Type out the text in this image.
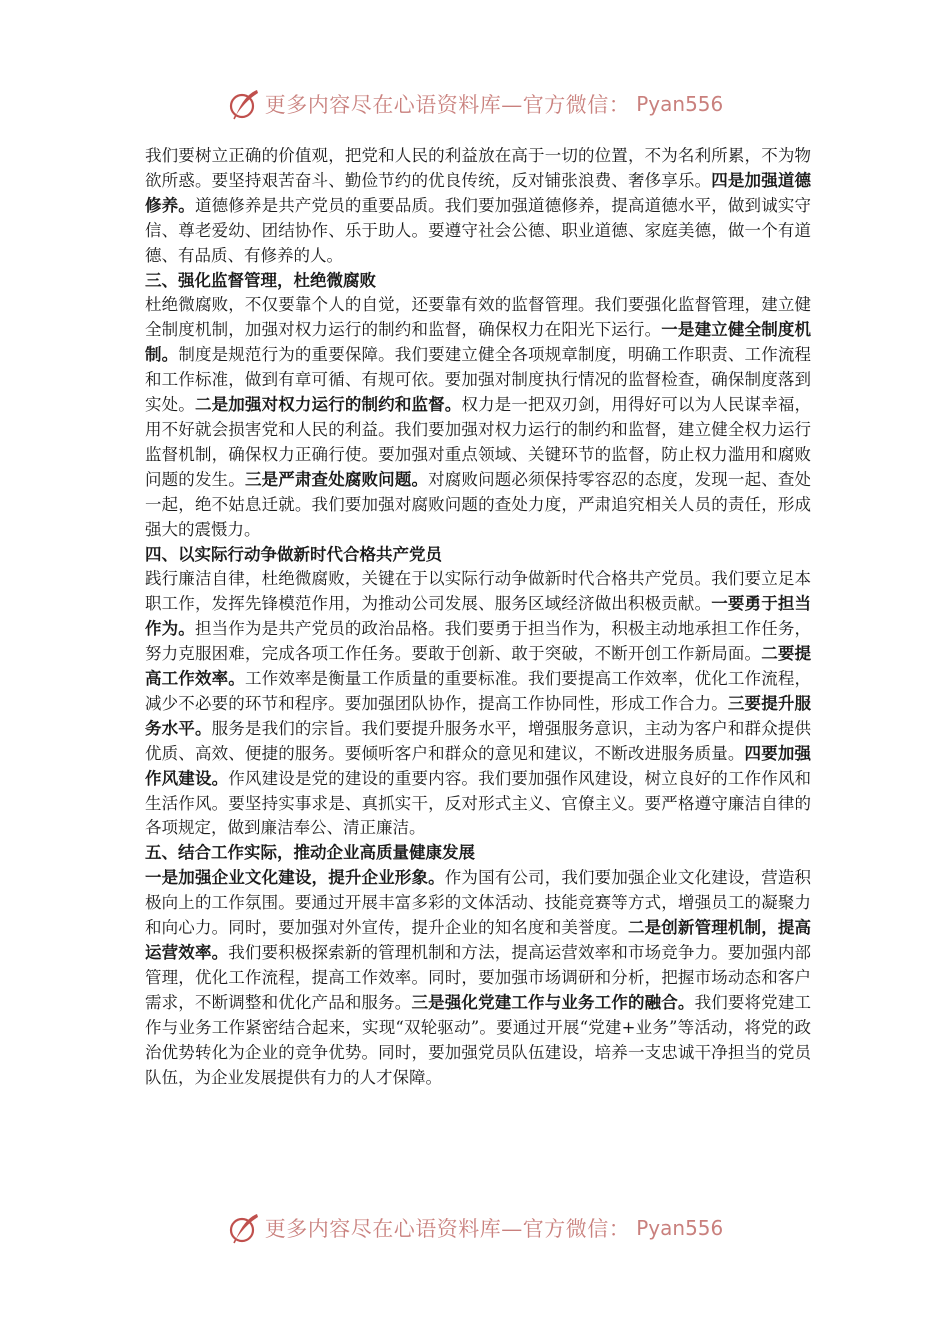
更多内容尽在心语资料库—官方微信： Pyan556

我们要树立正确的价值观，把党和人民的利益放在高于一切的位置，不为名利所累，不为物欲所惑。要坚持艰苦奋斗、勤俭节约的优良传统，反对铺张浪费、奢侈享乐。四是加强道德修养。道德修养是共产党员的重要品质。我们要加强道德修养，提高道德水平，做到诚实守信、尊老爱幼、团结协作、乐于助人。要遵守社会公德、职业道德、家庭美德，做一个有道德、有品质、有修养的人。

三、强化监督管理，杜绝微腐败

杜绝微腐败，不仅要靠个人的自觉，还要靠有效的监督管理。我们要强化监督管理，建立健全制度机制，加强对权力运行的制约和监督，确保权力在阳光下运行。一是建立健全制度机制。制度是规范行为的重要保障。我们要建立健全各项规章制度，明确工作职责、工作流程和工作标准，做到有章可循、有规可依。要加强对制度执行情况的监督检查，确保制度落到实处。二是加强对权力运行的制约和监督。权力是一把双刃剑，用得好可以为人民谋幸福，用不好就会损害党和人民的利益。我们要加强对权力运行的制约和监督，建立健全权力运行监督机制，确保权力正确行使。要加强对重点领域、关键环节的监督，防止权力滥用和腐败问题的发生。三是严肃查处腐败问题。对腐败问题必须保持零容忍的态度，发现一起、查处一起，绝不姑息迁就。我们要加强对腐败问题的查处力度，严肃追究相关人员的责任，形成强大的震慑力。

四、以实际行动争做新时代合格共产党员

践行廉洁自律，杜绝微腐败，关键在于以实际行动争做新时代合格共产党员。我们要立足本职工作，发挥先锋模范作用，为推动公司发展、服务区域经济做出积极贡献。一要勇于担当作为。担当作为是共产党员的政治品格。我们要勇于担当作为，积极主动地承担工作任务，努力克服困难，完成各项工作任务。要敢于创新、敢于突破，不断开创工作新局面。二要提高工作效率。工作效率是衡量工作质量的重要标准。我们要提高工作效率，优化工作流程，减少不必要的环节和程序。要加强团队协作，提高工作协同性，形成工作合力。三要提升服务水平。服务是我们的宗旨。我们要提升服务水平，增强服务意识，主动为客户和群众提供优质、高效、便捷的服务。要倾听客户和群众的意见和建议，不断改进服务质量。四要加强作风建设。作风建设是党的建设的重要内容。我们要加强作风建设，树立良好的工作作风和生活作风。要坚持实事求是、真抓实干，反对形式主义、官僚主义。要严格遵守廉洁自律的各项规定，做到廉洁奉公、清正廉洁。

五、结合工作实际，推动企业高质量健康发展

一是加强企业文化建设，提升企业形象。作为国有公司，我们要加强企业文化建设，营造积极向上的工作氛围。要通过开展丰富多彩的文体活动、技能竞赛等方式，增强员工的凝聚力和向心力。同时，要加强对外宣传，提升企业的知名度和美誉度。二是创新管理机制，提高运营效率。我们要积极探索新的管理机制和方法，提高运营效率和市场竞争力。要加强内部管理，优化工作流程，提高工作效率。同时，要加强市场调研和分析，把握市场动态和客户需求，不断调整和优化产品和服务。三是强化党建工作与业务工作的融合。我们要将党建工作与业务工作紧密结合起来，实现“双轮驱动”。要通过开展“党建+业务”等活动，将党的政治优势转化为企业的竞争优势。同时，要加强党员队伍建设，培养一支忠诚干净担当的党员队伍，为企业发展提供有力的人才保障。

更多内容尽在心语资料库—官方微信： Pyan556
